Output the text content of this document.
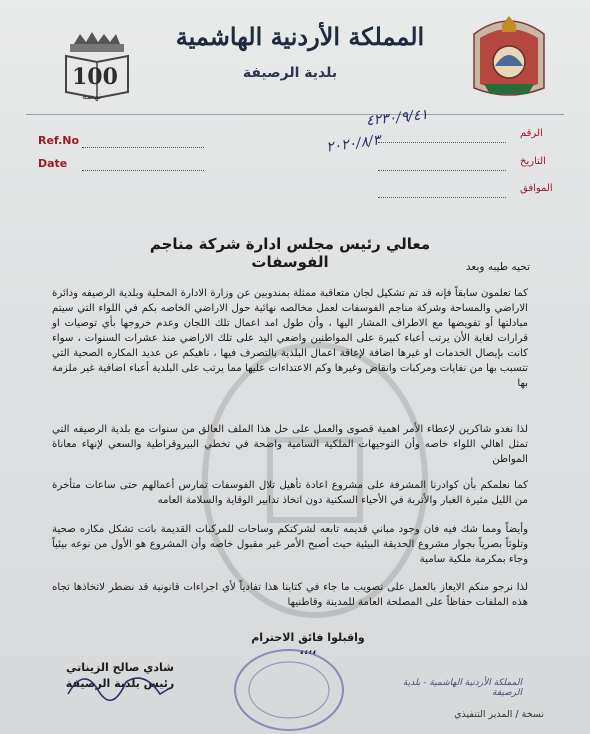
100
نهضة
المملكة الأردنية الهاشمية
بلدية الرصيفة
Ref.No
Date
الرقم
التاريخ
الموافق
٤٢٣٠/٩/٤١
٢٠٢٠/٨/٣
معالي رئيس مجلس ادارة شركة مناجم الفوسفات	تحيه طيبه وبعد
كما تعلمون سابقاً فإنه قد تم تشكيل لجان متعاقبة ممثلة بمندوبين عن وزارة الادارة المحلية وبلدية الرصيفه ودائرة الاراضي والمساحة وشركة مناجم الفوسفات لعمل مخالصه نهائية حول الاراضي الخاصه بكم في اللواء التي سيتم مبادلتها أو تفويضها مع الاطراف المشار اليها ، وأن طول امد اعمال تلك اللجان وعدم خروجها بأي توصيات او قرارات لغاية الأن يرتب أعباء كبيرة على المواطنين واضعي اليد على تلك الاراضي منذ عشرات السنوات ، سواء كانت بإيصال الخدمات او غيرها اضافة لإعاقة اعمال البلدية بالتصرف فيها ، ناهيكم عن عديد المكاره الصحية التي تتسبب بها من نفايات ومركبات وانقاض وغيرها وكم الاعتداءات عليها مما يرتب على البلدية أعباء اضافية غير ملزمة بها
لذا نغدو شاكرين لإعطاء الأمر اهمية قصوى والعمل على حل هذا الملف العالق من سنوات مع بلدية الرصيفه التي تمثل اهالي اللواء خاصه وأن التوجيهات الملكية السامية واضحة في تخطي البيروقراطية والسعي لإنهاء معاناة المواطن
كما نعلمكم بأن كوادرنا المشرفة على مشروع اعادة تأهيل تلال الفوسفات تمارس أعمالهم حتى ساعات متأخرة من الليل مثيرة الغبار والأتربة في الأحياء السكنية دون اتخاذ تدابير الوقاية والسلامة العامه
وأيضاً ومما شك فيه فان وجود مباني قديمه تابعه لشركتكم وساحات للمركبات القديمة باتت تشكل مكاره صحية وتلوثاً بصرياً بجوار مشروع الحديقة البيئية حيث أصبح الأمر غير مقبول خاصه وأن المشروع هو الأول من نوعه بيئياً وجاء بمكرمة ملكية سامية
لذا نرجو منكم الايعاز بالعمل على تصويب ما جاء في كتابنا هذا تفادياً لأي اجراءات قانونية قد نضطر لاتخاذها تجاه هذه الملفات حفاظاً على المصلحة العامة للمدينة وقاطنيها
واقبلوا فائق الاحترام ،،،،
المملكة الأردنية الهاشمية - بلدية الرصيفة
شادي صالح الزيناتي
رئيس بلدية الرصيفة
نسخة / المدير التنفيذي
